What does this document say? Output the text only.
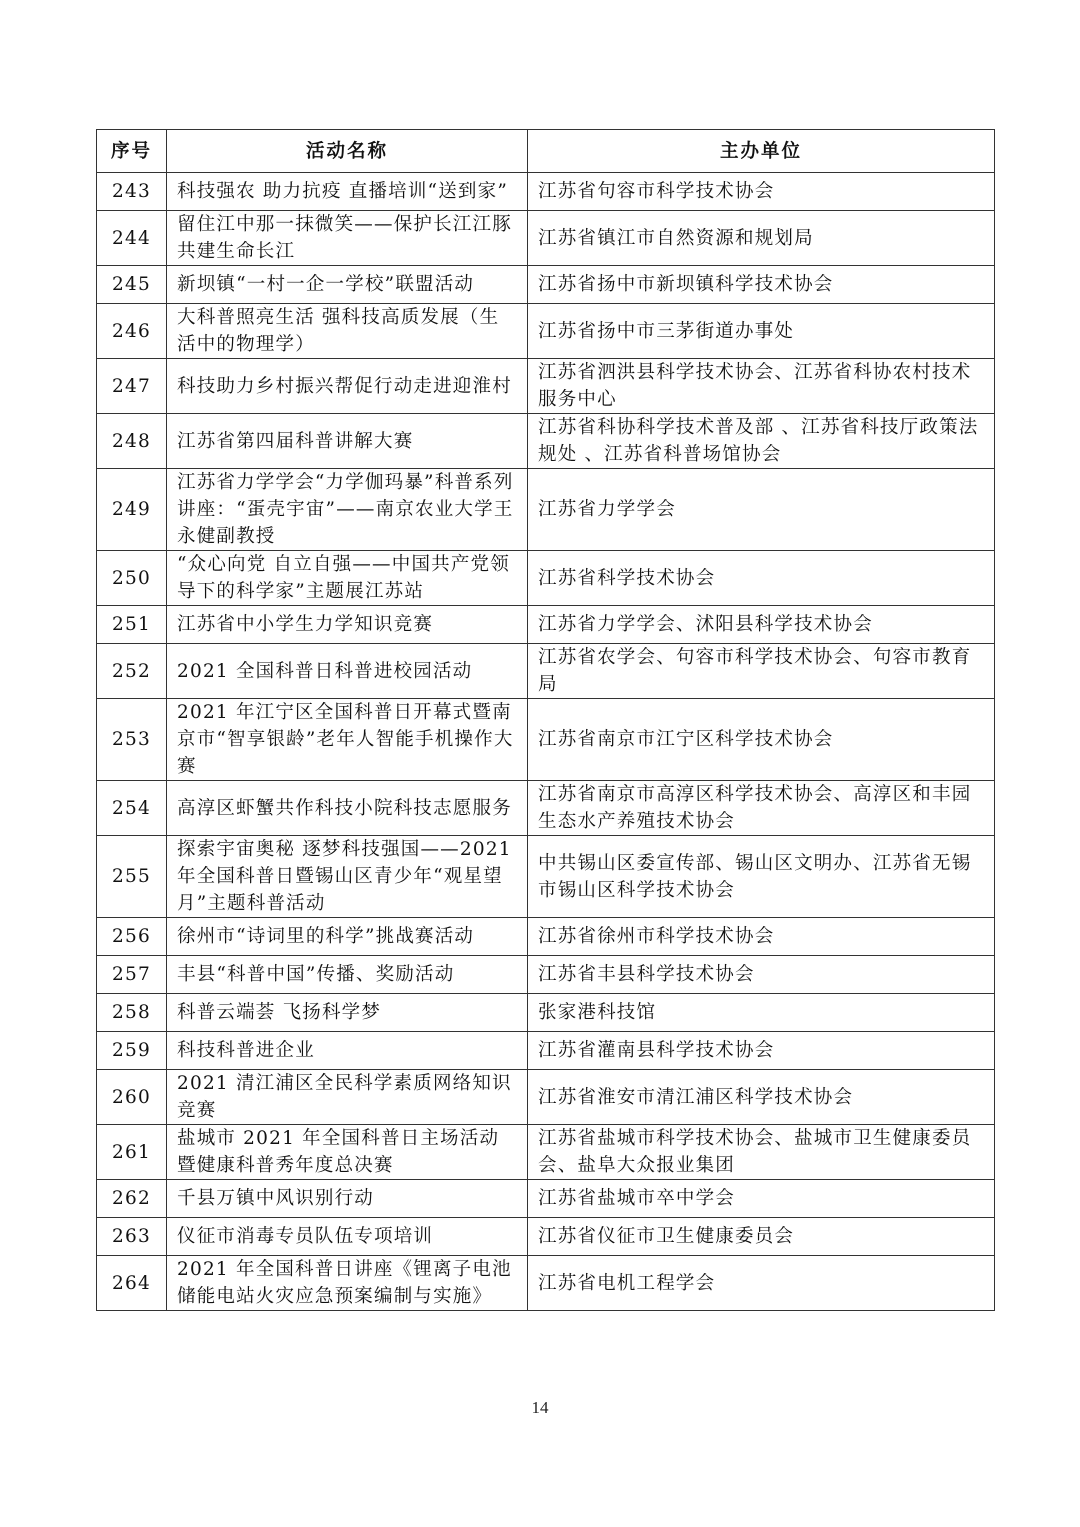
序号	活动名称	主办单位
243	科技强农 助力抗疫 直播培训“送到家”	江苏省句容市科学技术协会
244	留住江中那一抹微笑——保护长江江豚共建生命长江	江苏省镇江市自然资源和规划局
245	新坝镇“一村一企一学校”联盟活动	江苏省扬中市新坝镇科学技术协会
246	大科普照亮生活 强科技高质发展（生活中的物理学）	江苏省扬中市三茅街道办事处
247	科技助力乡村振兴帮促行动走进迎淮村	江苏省泗洪县科学技术协会、江苏省科协农村技术服务中心
248	江苏省第四届科普讲解大赛	江苏省科协科学技术普及部 、江苏省科技厅政策法规处 、江苏省科普场馆协会
249	江苏省力学学会“力学伽玛暴”科普系列讲座：“蛋壳宇宙”——南京农业大学王永健副教授	江苏省力学学会
250	“众心向党 自立自强——中国共产党领导下的科学家”主题展江苏站	江苏省科学技术协会
251	江苏省中小学生力学知识竞赛	江苏省力学学会、沭阳县科学技术协会
252	2021 全国科普日科普进校园活动	江苏省农学会、句容市科学技术协会、句容市教育局
253	2021 年江宁区全国科普日开幕式暨南京市“智享银龄”老年人智能手机操作大赛	江苏省南京市江宁区科学技术协会
254	高淳区虾蟹共作科技小院科技志愿服务	江苏省南京市高淳区科学技术协会、高淳区和丰园生态水产养殖技术协会
255	探索宇宙奥秘 逐梦科技强国——2021 年全国科普日暨锡山区青少年“观星望月”主题科普活动	中共锡山区委宣传部、锡山区文明办、江苏省无锡市锡山区科学技术协会
256	徐州市“诗词里的科学”挑战赛活动	江苏省徐州市科学技术协会
257	丰县“科普中国”传播、奖励活动	江苏省丰县科学技术协会
258	科普云端荟 飞扬科学梦	张家港科技馆
259	科技科普进企业	江苏省灌南县科学技术协会
260	2021 清江浦区全民科学素质网络知识竞赛	江苏省淮安市清江浦区科学技术协会
261	盐城市 2021 年全国科普日主场活动 暨健康科普秀年度总决赛	江苏省盐城市科学技术协会、盐城市卫生健康委员会、盐阜大众报业集团
262	千县万镇中风识别行动	江苏省盐城市卒中学会
263	仪征市消毒专员队伍专项培训	江苏省仪征市卫生健康委员会
264	2021 年全国科普日讲座《锂离子电池储能电站火灾应急预案编制与实施》	江苏省电机工程学会
14
